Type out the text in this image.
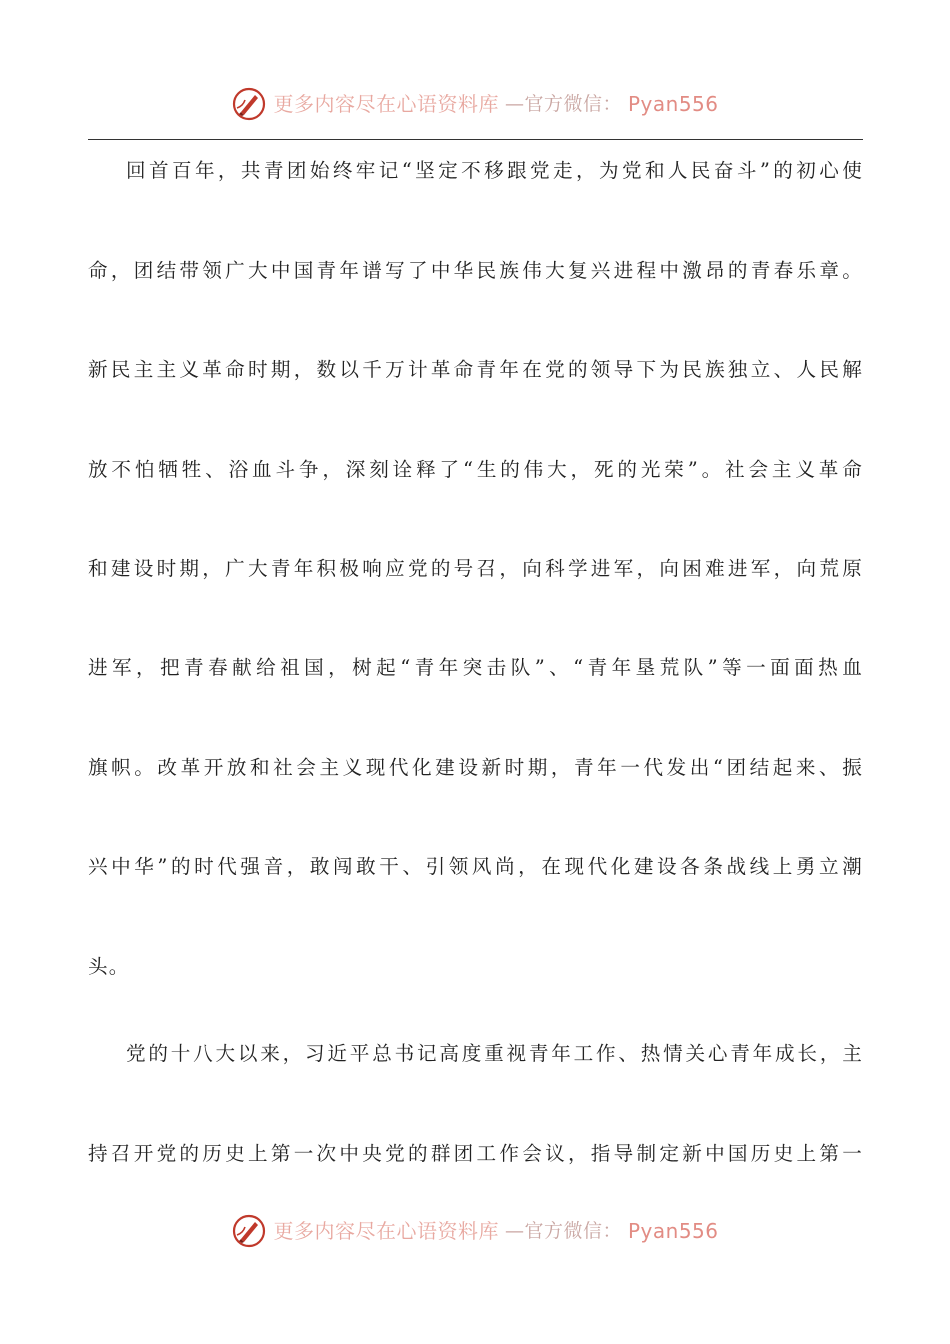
更多内容尽在心语资料库 —官方微信： Pyan556
回首百年，共青团始终牢记“坚定不移跟党走，为党和人民奋斗”的初心使
命，团结带领广大中国青年谱写了中华民族伟大复兴进程中激昂的青春乐章。
新民主主义革命时期，数以千万计革命青年在党的领导下为民族独立、人民解
放不怕牺牲、浴血斗争，深刻诠释了“生的伟大，死的光荣”。社会主义革命
和建设时期，广大青年积极响应党的号召，向科学进军，向困难进军，向荒原
进军，把青春献给祖国，树起“青年突击队”、“青年垦荒队”等一面面热血
旗帜。改革开放和社会主义现代化建设新时期，青年一代发出“团结起来、振
兴中华”的时代强音，敢闯敢干、引领风尚，在现代化建设各条战线上勇立潮
头。
党的十八大以来，习近平总书记高度重视青年工作、热情关心青年成长，主
持召开党的历史上第一次中央党的群团工作会议，指导制定新中国历史上第一
更多内容尽在心语资料库 —官方微信： Pyan556
